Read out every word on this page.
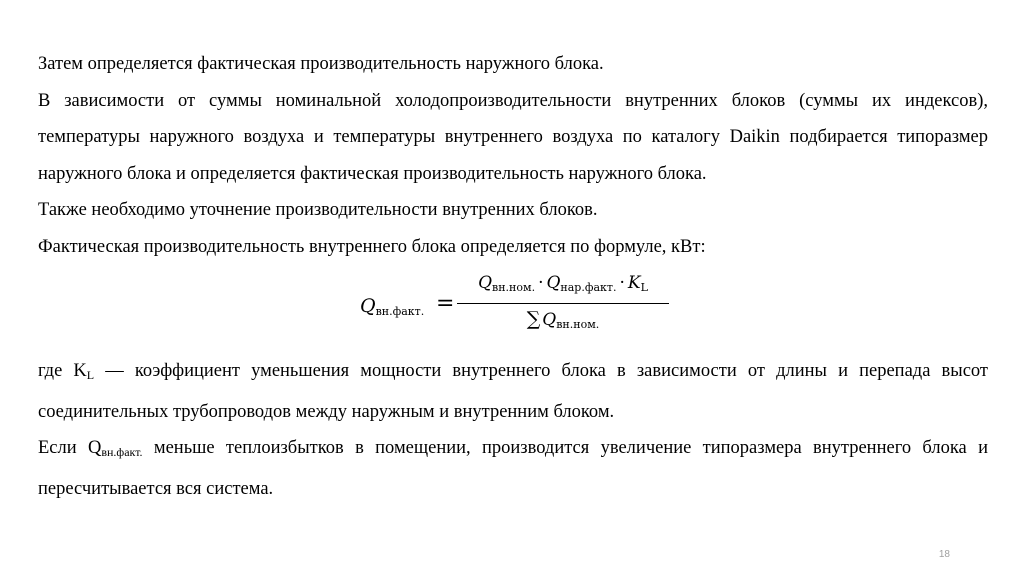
Затем определяется фактическая производительность наружного блока.

В зависимости от суммы номинальной холодопроизводительности внутренних блоков (суммы их индексов), температуры наружного воздуха и температуры внутреннего воздуха по каталогу Daikin подбирается типоразмер наружного блока и определяется фактическая производительность наружного блока.

Также необходимо уточнение производительности внутренних блоков.

Фактическая производительность внутреннего блока определяется по формуле, кВт:

$Q_{вн.факт.}$ =
$Q_{вн.ном.} \cdot Q_{нар.факт.} \cdot K_L$
∑ $Q_{вн.ном.}$

где KL — коэффициент уменьшения мощности внутреннего блока в зависимости от длины и перепада высот соединительных трубопроводов между наружным и внутренним блоком.

Если Qвн.факт. меньше теплоизбытков в помещении, производится увеличение типоразмера внутреннего блока и пересчитывается вся система.

18
